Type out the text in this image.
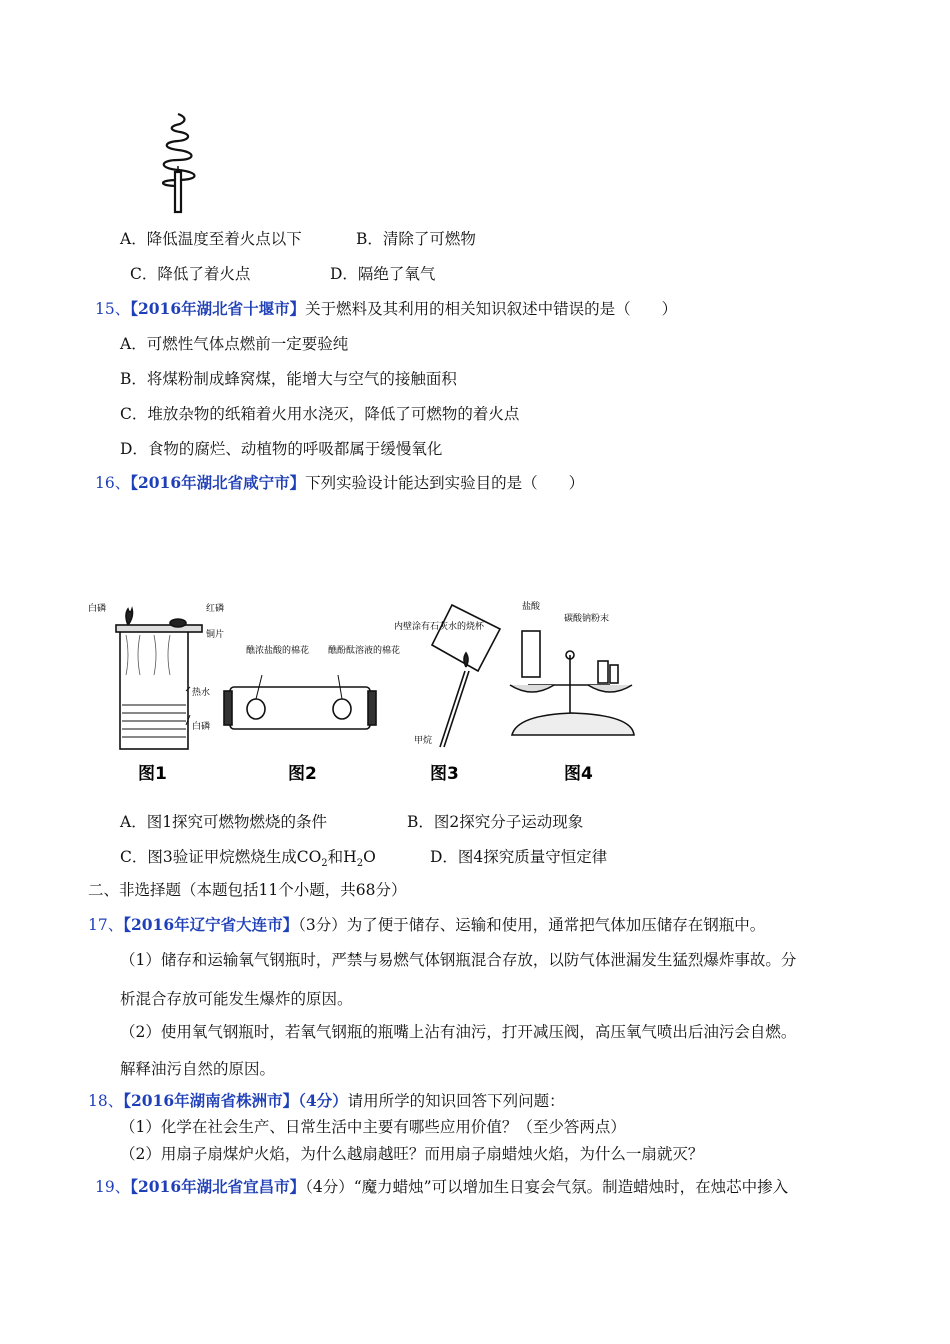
A．降低温度至着火点以下	B．清除了可燃物
C．降低了着火点	D．隔绝了氧气
15、【2016年湖北省十堰市】关于燃料及其利用的相关知识叙述中错误的是（　　）
A．可燃性气体点燃前一定要验纯
B．将煤粉制成蜂窝煤，能增大与空气的接触面积
C．堆放杂物的纸箱着火用水浇灭，降低了可燃物的着火点
D．食物的腐烂、动植物的呼吸都属于缓慢氧化
16、【2016年湖北省咸宁市】下列实验设计能达到实验目的是（　　）
白磷	红磷
铜片
热水
白磷
图1
醮浓盐酸的棉花 醮酚酞溶液的棉花
图2
内壁涂有石灰水的烧杯
甲烷
图3
盐酸
碳酸钠粉末
图4
A．图1探究可燃物燃烧的条件	B．图2探究分子运动现象
C．图3验证甲烷燃烧生成$CO_2$和$H_2O$	D．图4探究质量守恒定律
二、非选择题（本题包括11个小题，共68分）
17、【2016年辽宁省大连市】（3分）为了便于储存、运输和使用，通常把气体加压储存在钢瓶中。
（1）储存和运输氧气钢瓶时，严禁与易燃气体钢瓶混合存放，以防气体泄漏发生猛烈爆炸事故。分
析混合存放可能发生爆炸的原因。
（2）使用氧气钢瓶时，若氧气钢瓶的瓶嘴上沾有油污，打开减压阀，高压氧气喷出后油污会自燃。
解释油污自然的原因。
18、【2016年湖南省株洲市】（4分）请用所学的知识回答下列问题：
（1）化学在社会生产、日常生活中主要有哪些应用价值？（至少答两点）
（2）用扇子扇煤炉火焰，为什么越扇越旺？而用扇子扇蜡烛火焰，为什么一扇就灭？
19、【2016年湖北省宜昌市】（4分）“魔力蜡烛”可以增加生日宴会气氛。制造蜡烛时，在烛芯中掺入
